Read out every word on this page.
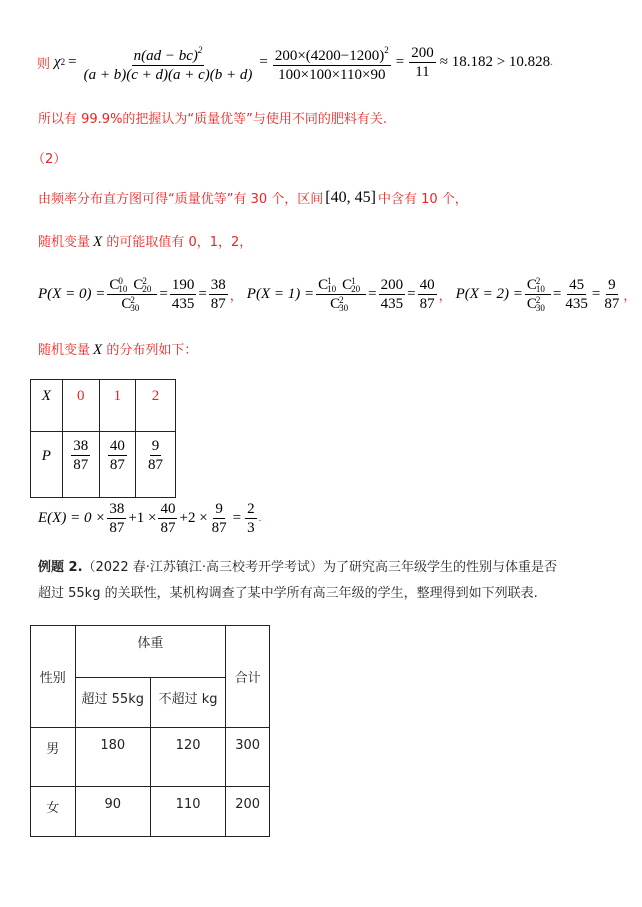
则 χ $2 = \frac{n(ad - bc)^2}{(a + b)(c + d)(a + c)(b + d)} = \frac{200\times(4200-1200)^2}{100\times 100\times 110\times 90} = \frac{200}{11} \approx 18.182 > 10.828$ .
所以有 99.9%的把握认为“质量优等”与使用不同的肥料有关.
（2）
由频率分布直方图可得“质量优等”有 30 个，区间 [40, 45] 中含有 10 个，
随机变量 X 的可能取值有 0，1，2，
P(X = 0) = C
0
10 C
2
20
C
2
$30 = \frac{190}{435} = \frac{38}{87}$ ， P(X = 1) = C
1
10 C
1
20
C
2
$30 = \frac{200}{435} = \frac{40}{87}$ ， P(X = 2) = C
2
10
C
2
$30 = \frac{45}{435} = \frac{9}{87}$ ，
随机变量 X 的分布列如下：
X	0	1	2
P	$\frac{38}{87}$	$\frac{40}{87}$	$\frac{9}{87}$
$E(X) = 0 \times \frac{38}{87} +1 \times \frac{40}{87} +2 \times \frac{9}{87} = \frac{2}{3}$ .
例题 2.（2022 春·江苏镇江·高三校考开学考试）为了研究高三年级学生的性别与体重是否
超过 55kg 的关联性，某机构调查了某中学所有高三年级的学生，整理得到如下列联表.
性别	体重		合计
	超过 55kg	不超过 kg	
男	180	120	300
女	90	110	200
